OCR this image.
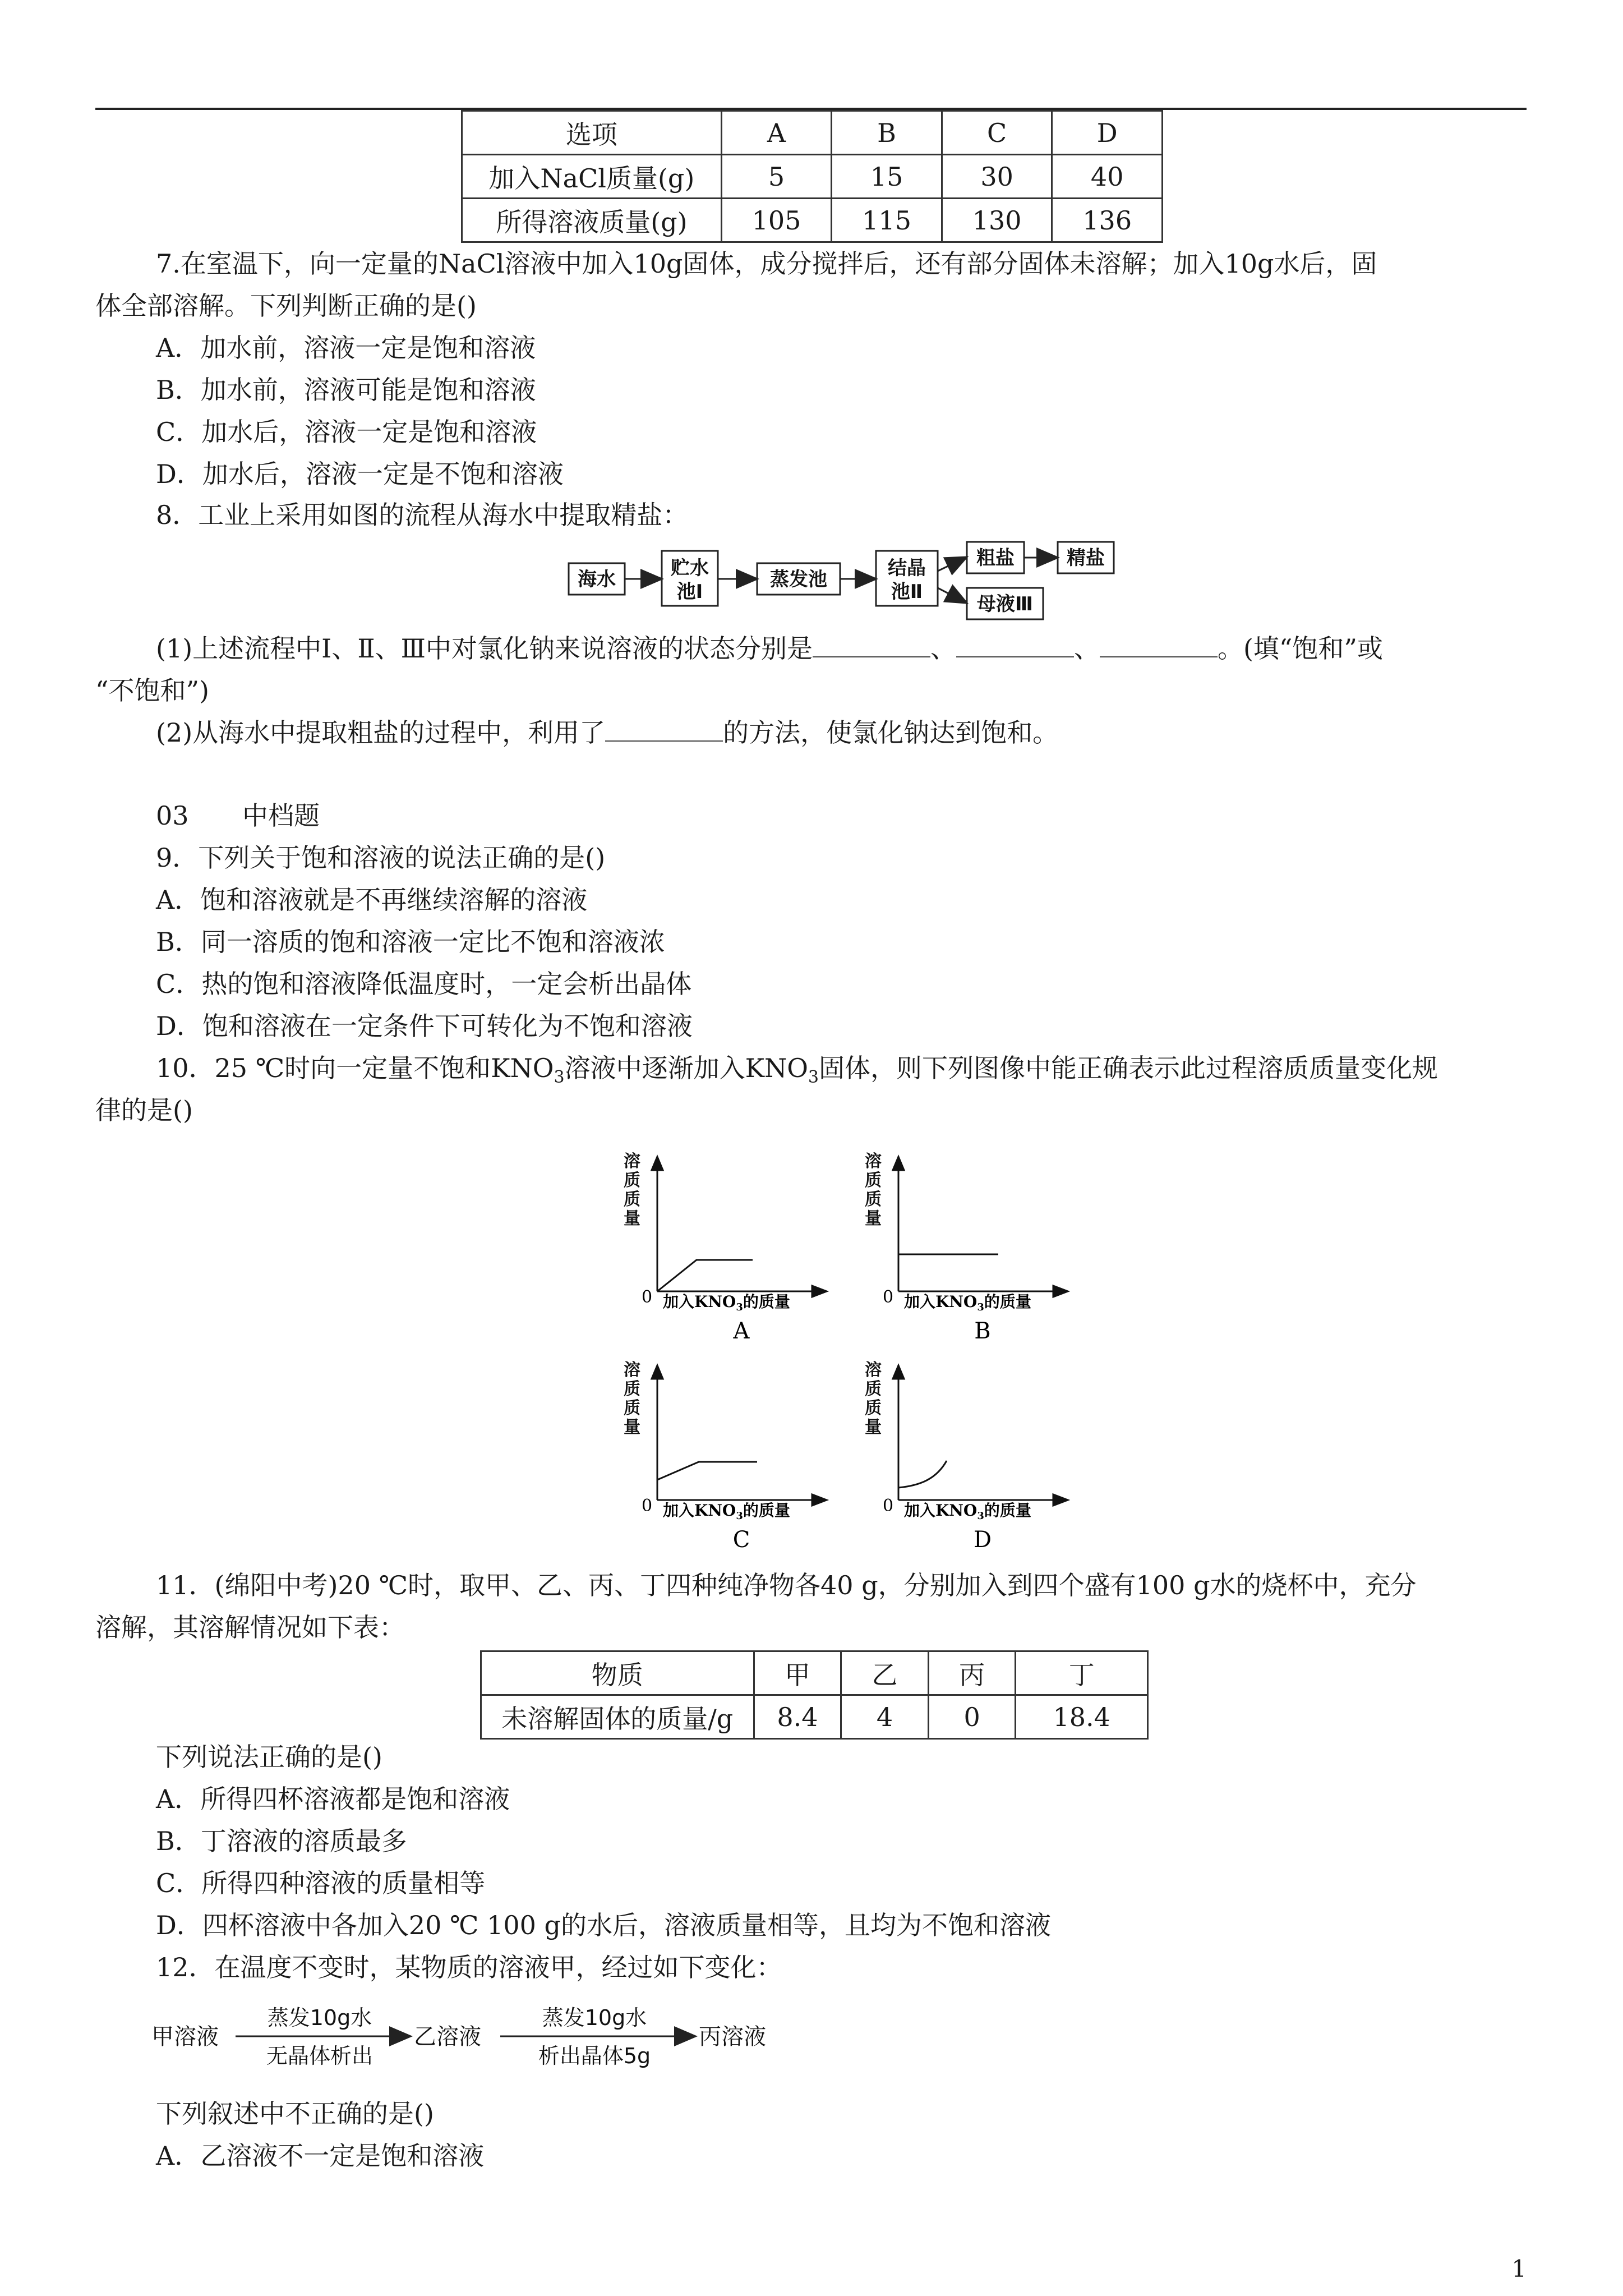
选项	A	B	C	D
加入NaCl质量(g)	5	15	30	40
所得溶液质量(g)	105	115	130	136
7.在室温下，向一定量的NaCl溶液中加入10g固体，成分搅拌后，还有部分固体未溶解；加入10g水后，固
体全部溶解。下列判断正确的是()
A．加水前，溶液一定是饱和溶液
B．加水前，溶液可能是饱和溶液
C．加水后，溶液一定是饱和溶液
D．加水后，溶液一定是不饱和溶液
8．工业上采用如图的流程从海水中提取精盐：
海水	贮水
池Ⅰ
蒸发池	结晶
池Ⅱ
粗盐	精盐
母液Ⅲ
(1)上述流程中Ⅰ、Ⅱ、Ⅲ中对氯化钠来说溶液的状态分别是	、	、	。(填“饱和”或
“不饱和”)
(2)从海水中提取粗盐的过程中，利用了	的方法，使氯化钠达到饱和。
03 中档题
9．下列关于饱和溶液的说法正确的是()
A．饱和溶液就是不再继续溶解的溶液
B．同一溶质的饱和溶液一定比不饱和溶液浓
C．热的饱和溶液降低温度时，一定会析出晶体
D．饱和溶液在一定条件下可转化为不饱和溶液
10．25 ℃时向一定量不饱和$KNO_3$溶液中逐渐加入$KNO_3$固体，则下列图像中能正确表示此过程溶质质量变化规
律的是()
溶
质
质
量
0 加入$KNO_3$的质量
A
溶
质
质
量
0 加入$KNO_3$的质量
B
溶
质
质
量
0 加入$KNO_3$的质量
C
溶
质
质
量
0 加入$KNO_3$的质量
D
11．(绵阳中考)20 ℃时，取甲、乙、丙、丁四种纯净物各40 g，分别加入到四个盛有100 g水的烧杯中，充分
溶解，其溶解情况如下表：
物质	甲	乙	丙	丁
未溶解固体的质量/g	8.4	4	0	18.4
下列说法正确的是()
A．所得四杯溶液都是饱和溶液
B．丁溶液的溶质最多
C．所得四种溶液的质量相等
D．四杯溶液中各加入20 ℃ 100 g的水后，溶液质量相等，且均为不饱和溶液
12．在温度不变时，某物质的溶液甲，经过如下变化：
甲溶液	乙溶液	丙溶液
蒸发10g水
无晶体析出
蒸发10g水
析出晶体5g
下列叙述中不正确的是()
A．乙溶液不一定是饱和溶液
1
